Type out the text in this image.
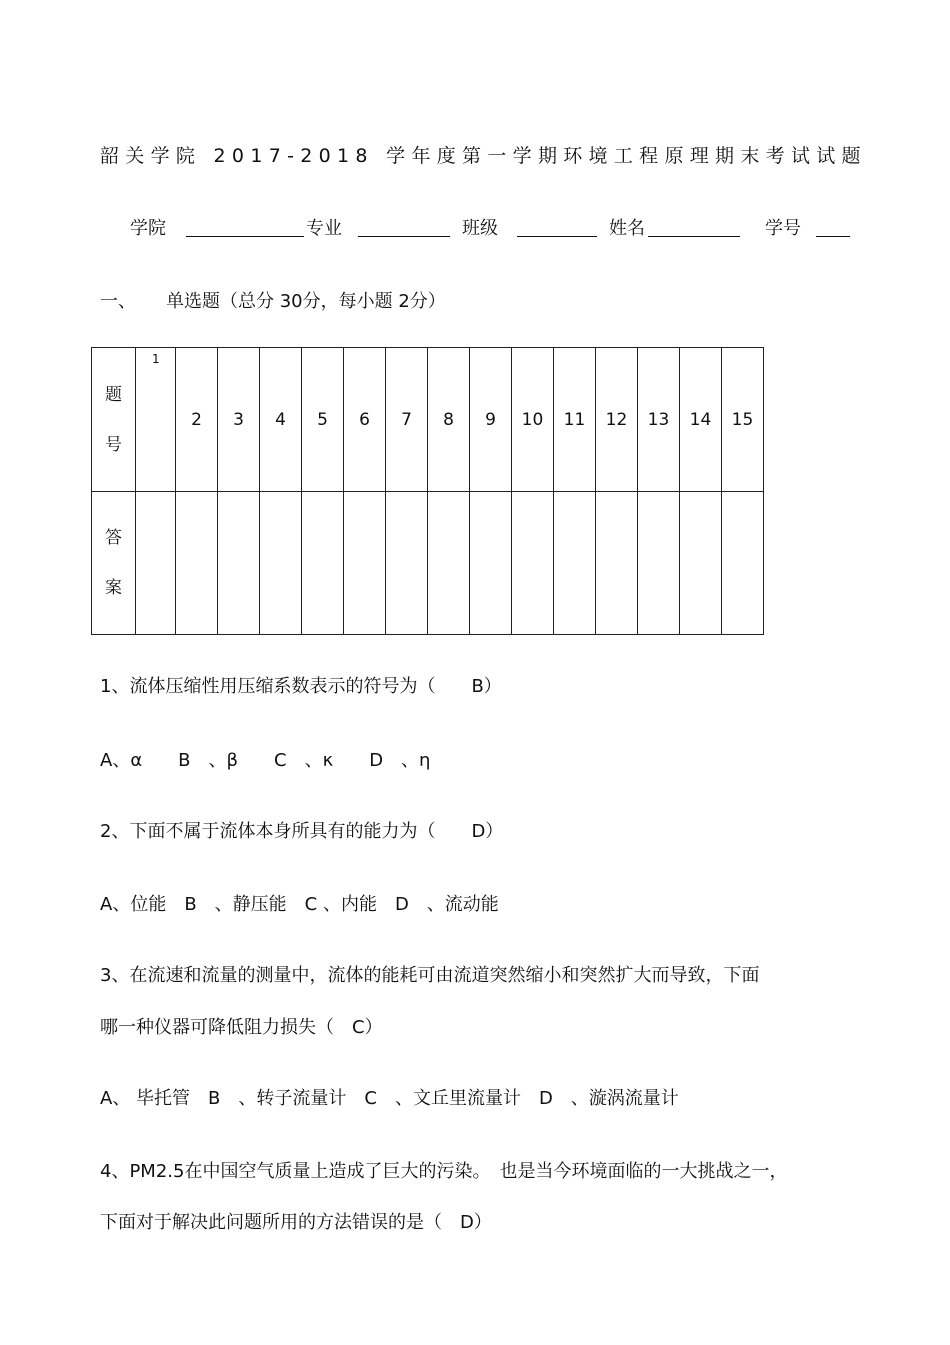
韶关学院 2017-2018 学年度第一学期环境工程原理期末考试试题
学院	专业	班级	姓名	学号
一、 单选题（总分 30分，每小题 2分）
题
号	1	2	3	4	5	6	7	8	9	10	11	12	13	14	15

答
案															

1、流体压缩性用压缩系数表示的符号为（　　B）
A、α　　B　、β　　C　、κ　　D　、η
2、下面不属于流体本身所具有的能力为（　　D）
A、位能　B　、静压能　C 、内能　D　、流动能
3、在流速和流量的测量中，流体的能耗可由流道突然缩小和突然扩大而导致，下面
哪一种仪器可降低阻力损失（　C）
A、 毕托管　B　、转子流量计　C　、文丘里流量计　D　、漩涡流量计
4、PM2.5在中国空气质量上造成了巨大的污染。　也是当今环境面临的一大挑战之一，
下面对于解决此问题所用的方法错误的是（　D）
